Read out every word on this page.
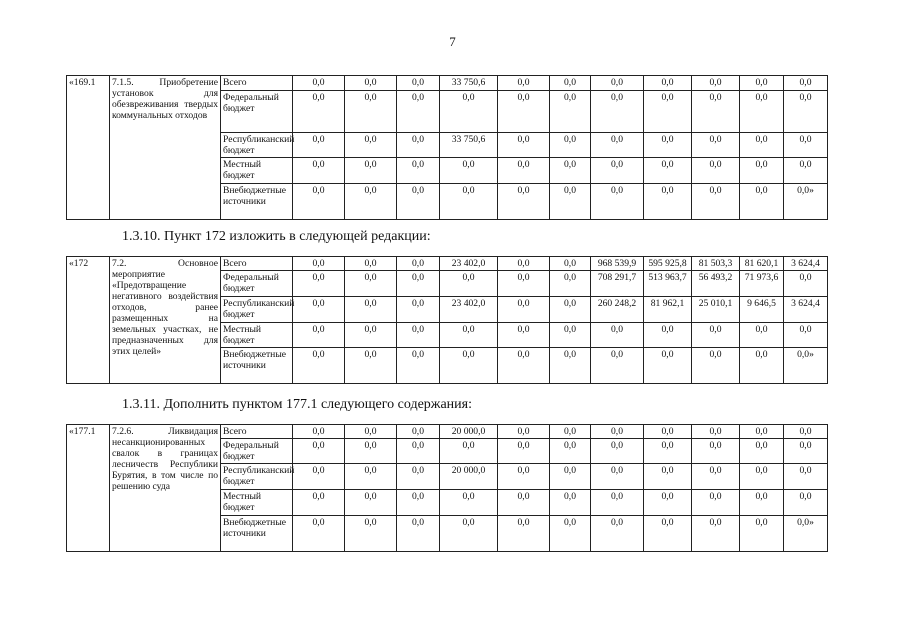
7
«169.1	7.1.5. Приобретение установок для обезвреживания твердых коммунальных отходов	Всего	0,0	0,0	0,0	33 750,6	0,0	0,0	0,0	0,0	0,0	0,0	0,0
		Федеральный бюджет	0,0	0,0	0,0	0,0	0,0	0,0	0,0	0,0	0,0	0,0	0,0
		Республиканский бюджет	0,0	0,0	0,0	33 750,6	0,0	0,0	0,0	0,0	0,0	0,0	0,0
		Местный бюджет	0,0	0,0	0,0	0,0	0,0	0,0	0,0	0,0	0,0	0,0	0,0
		Внебюджетные источники	0,0	0,0	0,0	0,0	0,0	0,0	0,0	0,0	0,0	0,0	0,0»
1.3.10. Пункт 172 изложить в следующей редакции:
«172	7.2. Основное мероприятие «Предотвращение негативного воздействия отходов, ранее размещенных на земельных участках, не предназначенных для этих целей»	Всего	0,0	0,0	0,0	23 402,0	0,0	0,0	968 539,9	595 925,8	81 503,3	81 620,1	3 624,4
		Федеральный бюджет	0,0	0,0	0,0	0,0	0,0	0,0	708 291,7	513 963,7	56 493,2	71 973,6	0,0
		Республиканский бюджет	0,0	0,0	0,0	23 402,0	0,0	0,0	260 248,2	81 962,1	25 010,1	9 646,5	3 624,4
		Местный бюджет	0,0	0,0	0,0	0,0	0,0	0,0	0,0	0,0	0,0	0,0	0,0
		Внебюджетные источники	0,0	0,0	0,0	0,0	0,0	0,0	0,0	0,0	0,0	0,0	0,0»
1.3.11. Дополнить пунктом 177.1 следующего содержания:
«177.1	7.2.6. Ликвидация несанкционированных свалок в границах лесничеств Республики Бурятия, в том числе по решению суда	Всего	0,0	0,0	0,0	20 000,0	0,0	0,0	0,0	0,0	0,0	0,0	0,0
		Федеральный бюджет	0,0	0,0	0,0	0,0	0,0	0,0	0,0	0,0	0,0	0,0	0,0
		Республиканский бюджет	0,0	0,0	0,0	20 000,0	0,0	0,0	0,0	0,0	0,0	0,0	0,0
		Местный бюджет	0,0	0,0	0,0	0,0	0,0	0,0	0,0	0,0	0,0	0,0	0,0
		Внебюджетные источники	0,0	0,0	0,0	0,0	0,0	0,0	0,0	0,0	0,0	0,0	0,0»
